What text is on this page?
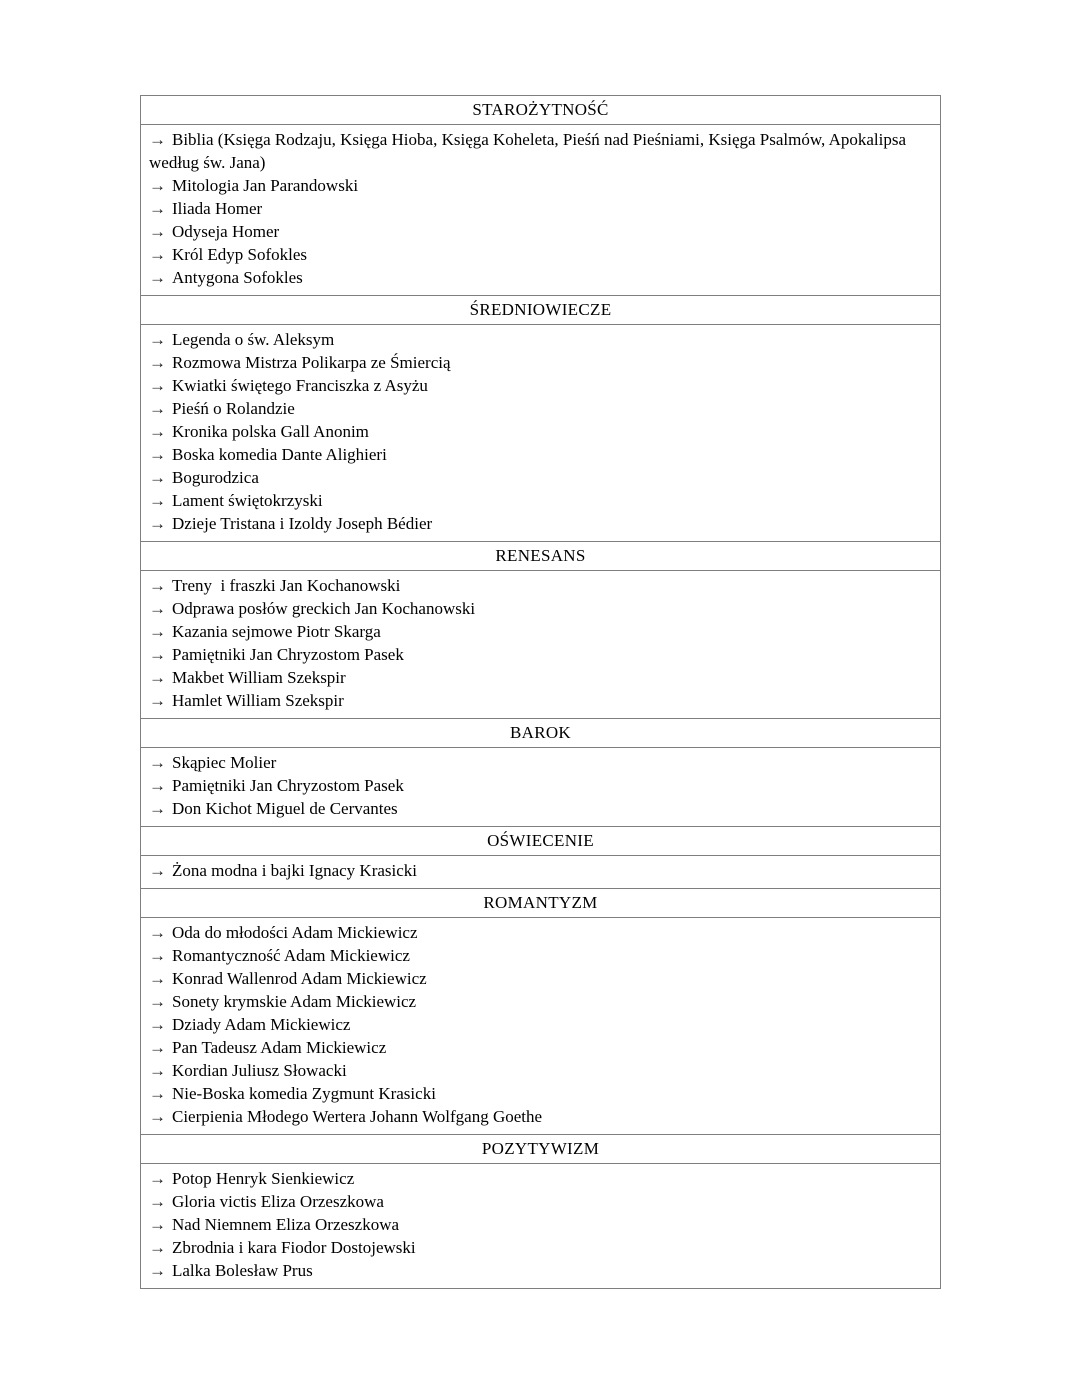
STAROŻYTNOŚĆ
→ Biblia (Księga Rodzaju, Księga Hioba, Księga Koheleta, Pieśń nad Pieśniami, Księga Psalmów, Apokalipsa według św. Jana)
→ Mitologia Jan Parandowski
→ Iliada Homer
→ Odyseja Homer
→ Król Edyp Sofokles
→ Antygona Sofokles
ŚREDNIOWIECZE
→ Legenda o św. Aleksym
→ Rozmowa Mistrza Polikarpa ze Śmiercią
→ Kwiatki świętego Franciszka z Asyżu
→ Pieśń o Rolandzie
→ Kronika polska Gall Anonim
→ Boska komedia Dante Alighieri
→ Bogurodzica
→ Lament świętokrzyski
→ Dzieje Tristana i Izoldy Joseph Bédier
RENESANS
→ Treny  i fraszki Jan Kochanowski
→ Odprawa posłów greckich Jan Kochanowski
→ Kazania sejmowe Piotr Skarga
→ Pamiętniki Jan Chryzostom Pasek
→ Makbet William Szekspir
→ Hamlet William Szekspir
BAROK
→ Skąpiec Molier
→ Pamiętniki Jan Chryzostom Pasek
→ Don Kichot Miguel de Cervantes
OŚWIECENIE
→ Żona modna i bajki Ignacy Krasicki
ROMANTYZM
→ Oda do młodości Adam Mickiewicz
→ Romantyczność Adam Mickiewicz
→ Konrad Wallenrod Adam Mickiewicz
→ Sonety krymskie Adam Mickiewicz
→ Dziady Adam Mickiewicz
→ Pan Tadeusz Adam Mickiewicz
→ Kordian Juliusz Słowacki
→ Nie-Boska komedia Zygmunt Krasicki
→ Cierpienia Młodego Wertera Johann Wolfgang Goethe
POZYTYWIZM
→ Potop Henryk Sienkiewicz
→ Gloria victis Eliza Orzeszkowa
→ Nad Niemnem Eliza Orzeszkowa
→ Zbrodnia i kara Fiodor Dostojewski
→ Lalka Bolesław Prus
